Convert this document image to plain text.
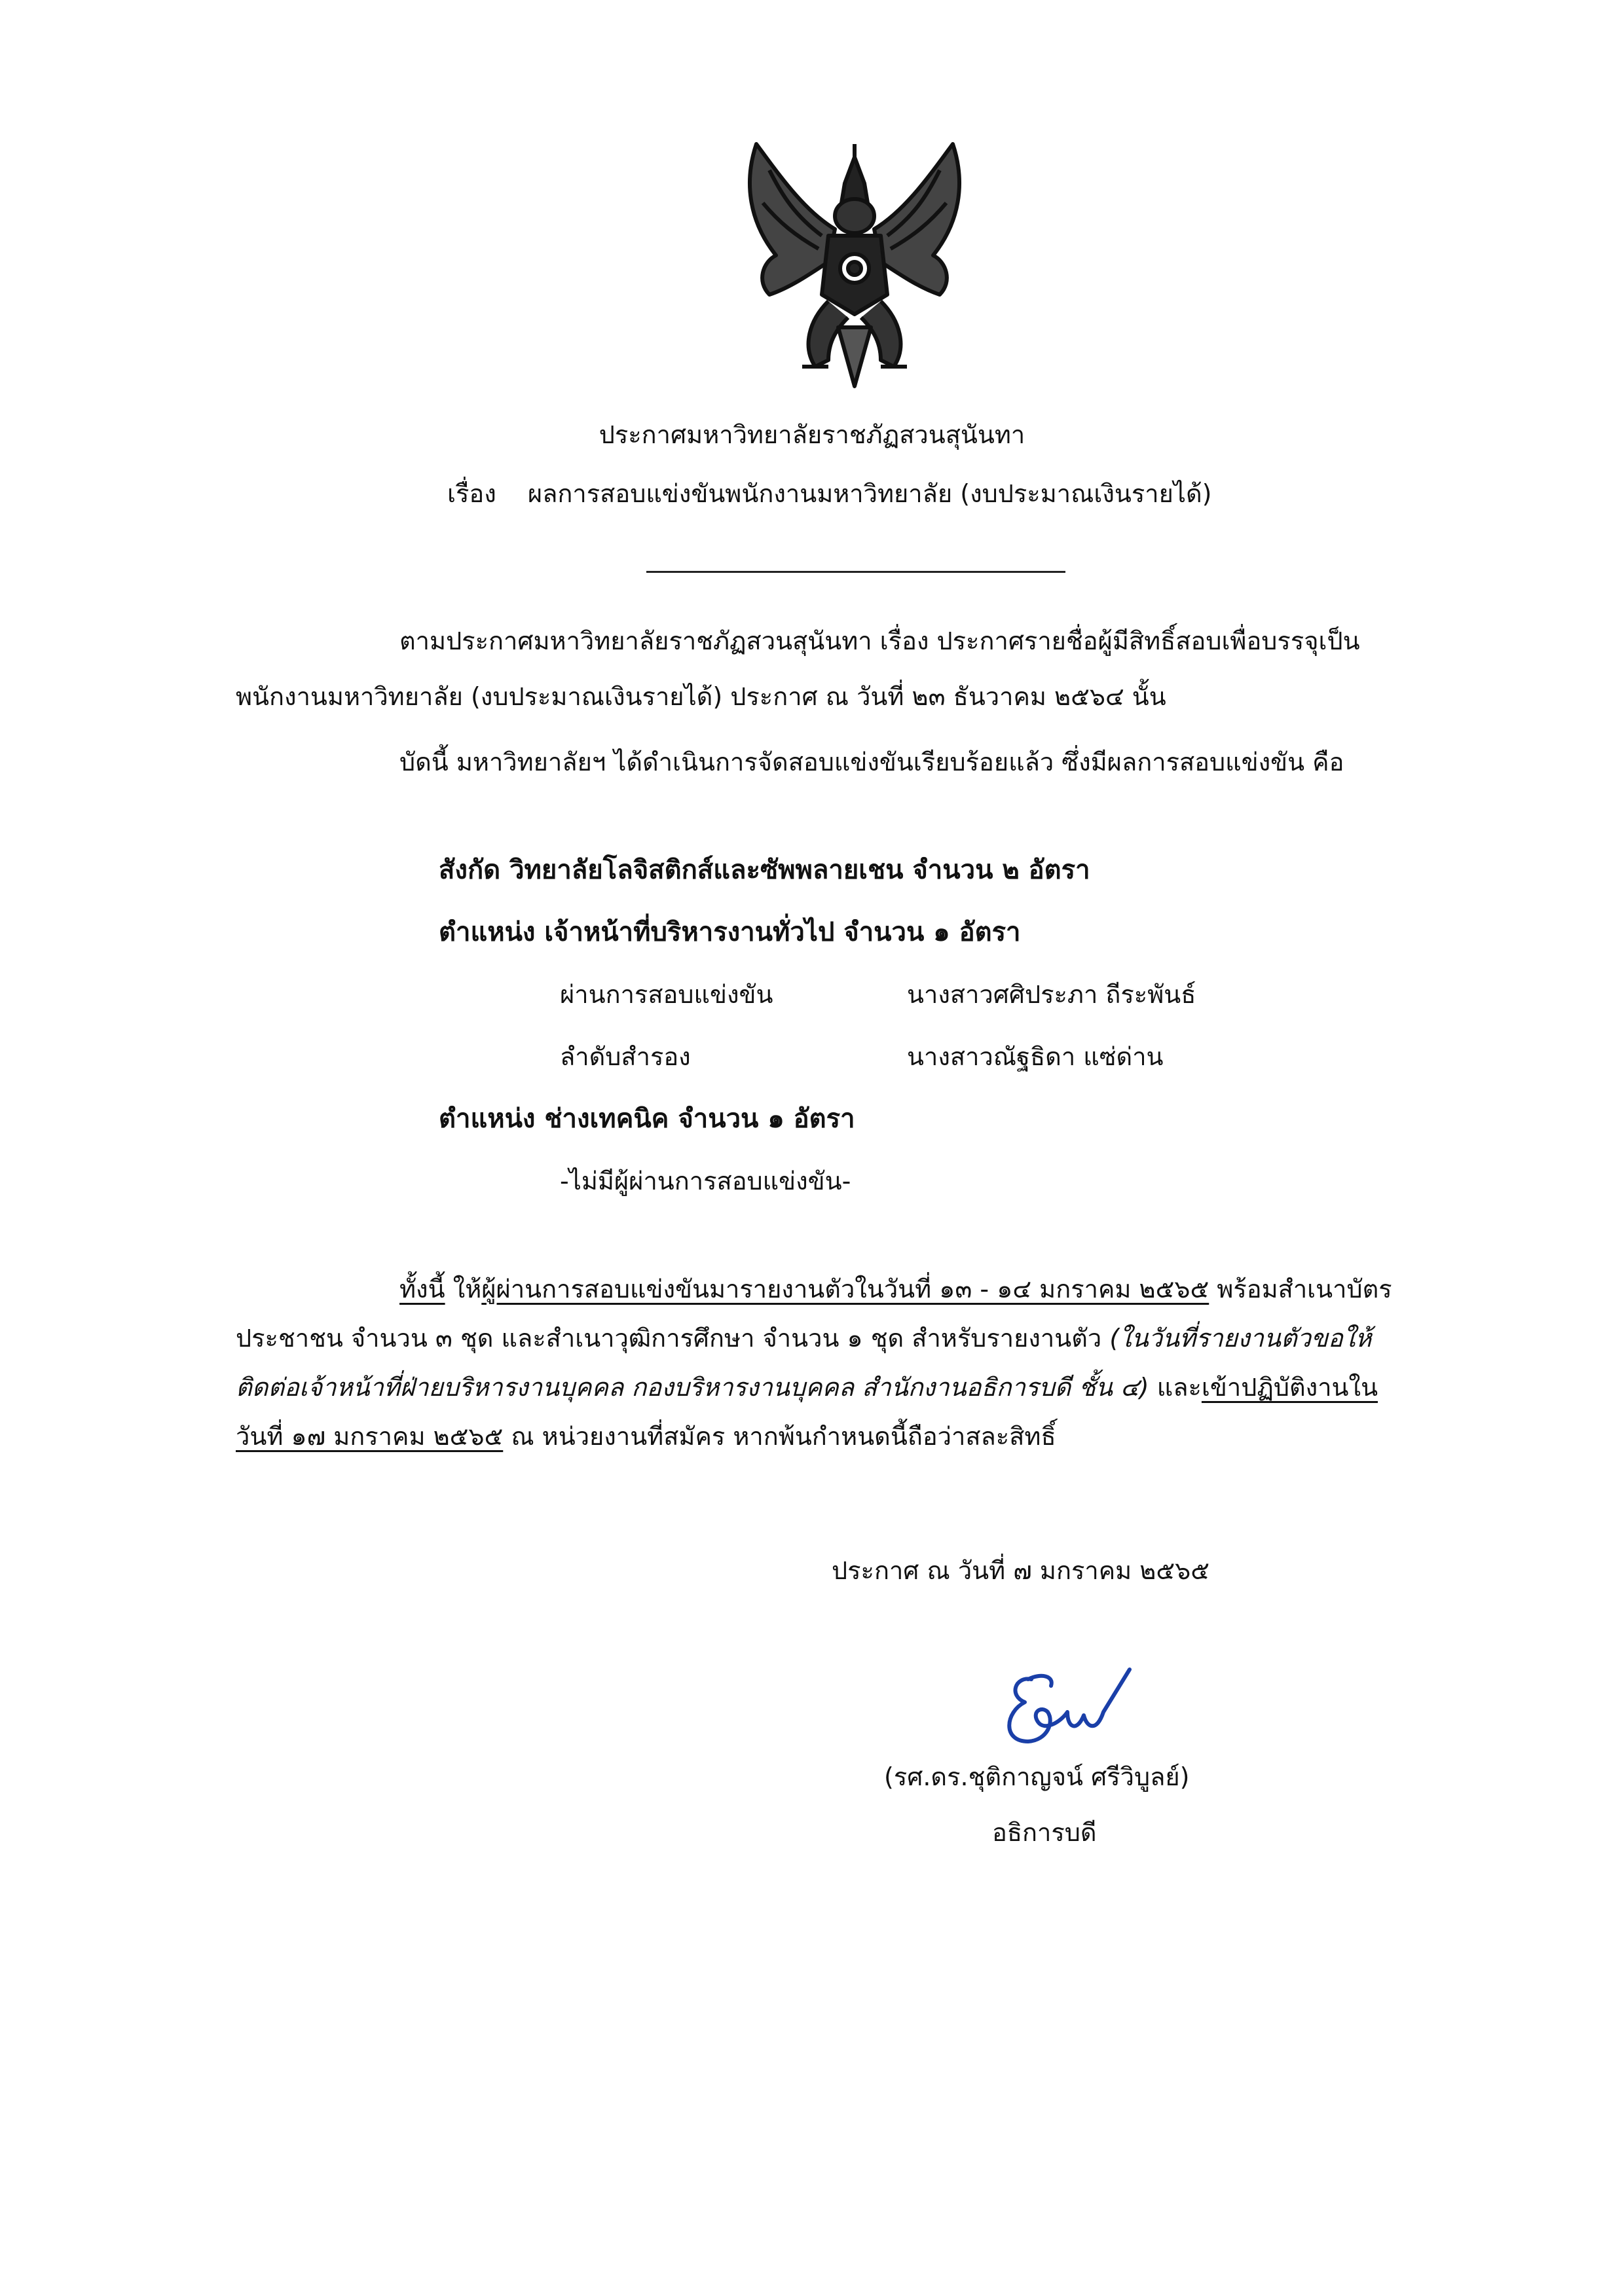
ประกาศมหาวิทยาลัยราชภัฏสวนสุนันทา
เรื่อง ผลการสอบแข่งขันพนักงานมหาวิทยาลัย (งบประมาณเงินรายได้)
ตามประกาศมหาวิทยาลัยราชภัฏสวนสุนันทา เรื่อง ประกาศรายชื่อผู้มีสิทธิ์สอบเพื่อบรรจุเป็น
พนักงานมหาวิทยาลัย (งบประมาณเงินรายได้) ประกาศ ณ วันที่ ๒๓ ธันวาคม ๒๕๖๔ นั้น
บัดนี้ มหาวิทยาลัยฯ ได้ดำเนินการจัดสอบแข่งขันเรียบร้อยแล้ว ซึ่งมีผลการสอบแข่งขัน คือ
สังกัด วิทยาลัยโลจิสติกส์และซัพพลายเชน จำนวน ๒ อัตรา
ตำแหน่ง เจ้าหน้าที่บริหารงานทั่วไป จำนวน ๑ อัตรา
ผ่านการสอบแข่งขัน	นางสาวศศิประภา ถีระพันธ์
ลำดับสำรอง	นางสาวณัฐธิดา แซ่ด่าน
ตำแหน่ง ช่างเทคนิค จำนวน ๑ อัตรา
-ไม่มีผู้ผ่านการสอบแข่งขัน-
ทั้งนี้ ให้ผู้ผ่านการสอบแข่งขันมารายงานตัวในวันที่ ๑๓ - ๑๔ มกราคม ๒๕๖๕ พร้อมสำเนาบัตร
ประชาชน จำนวน ๓ ชุด และสำเนาวุฒิการศึกษา จำนวน ๑ ชุด สำหรับรายงานตัว (ในวันที่รายงานตัวขอให้
ติดต่อเจ้าหน้าที่ฝ่ายบริหารงานบุคคล กองบริหารงานบุคคล สำนักงานอธิการบดี ชั้น ๔) และเข้าปฏิบัติงานใน
วันที่ ๑๗ มกราคม ๒๕๖๕ ณ หน่วยงานที่สมัคร หากพ้นกำหนดนี้ถือว่าสละสิทธิ์
ประกาศ ณ วันที่ ๗ มกราคม ๒๕๖๕
(รศ.ดร.ชุติกาญจน์ ศรีวิบูลย์)
อธิการบดี
